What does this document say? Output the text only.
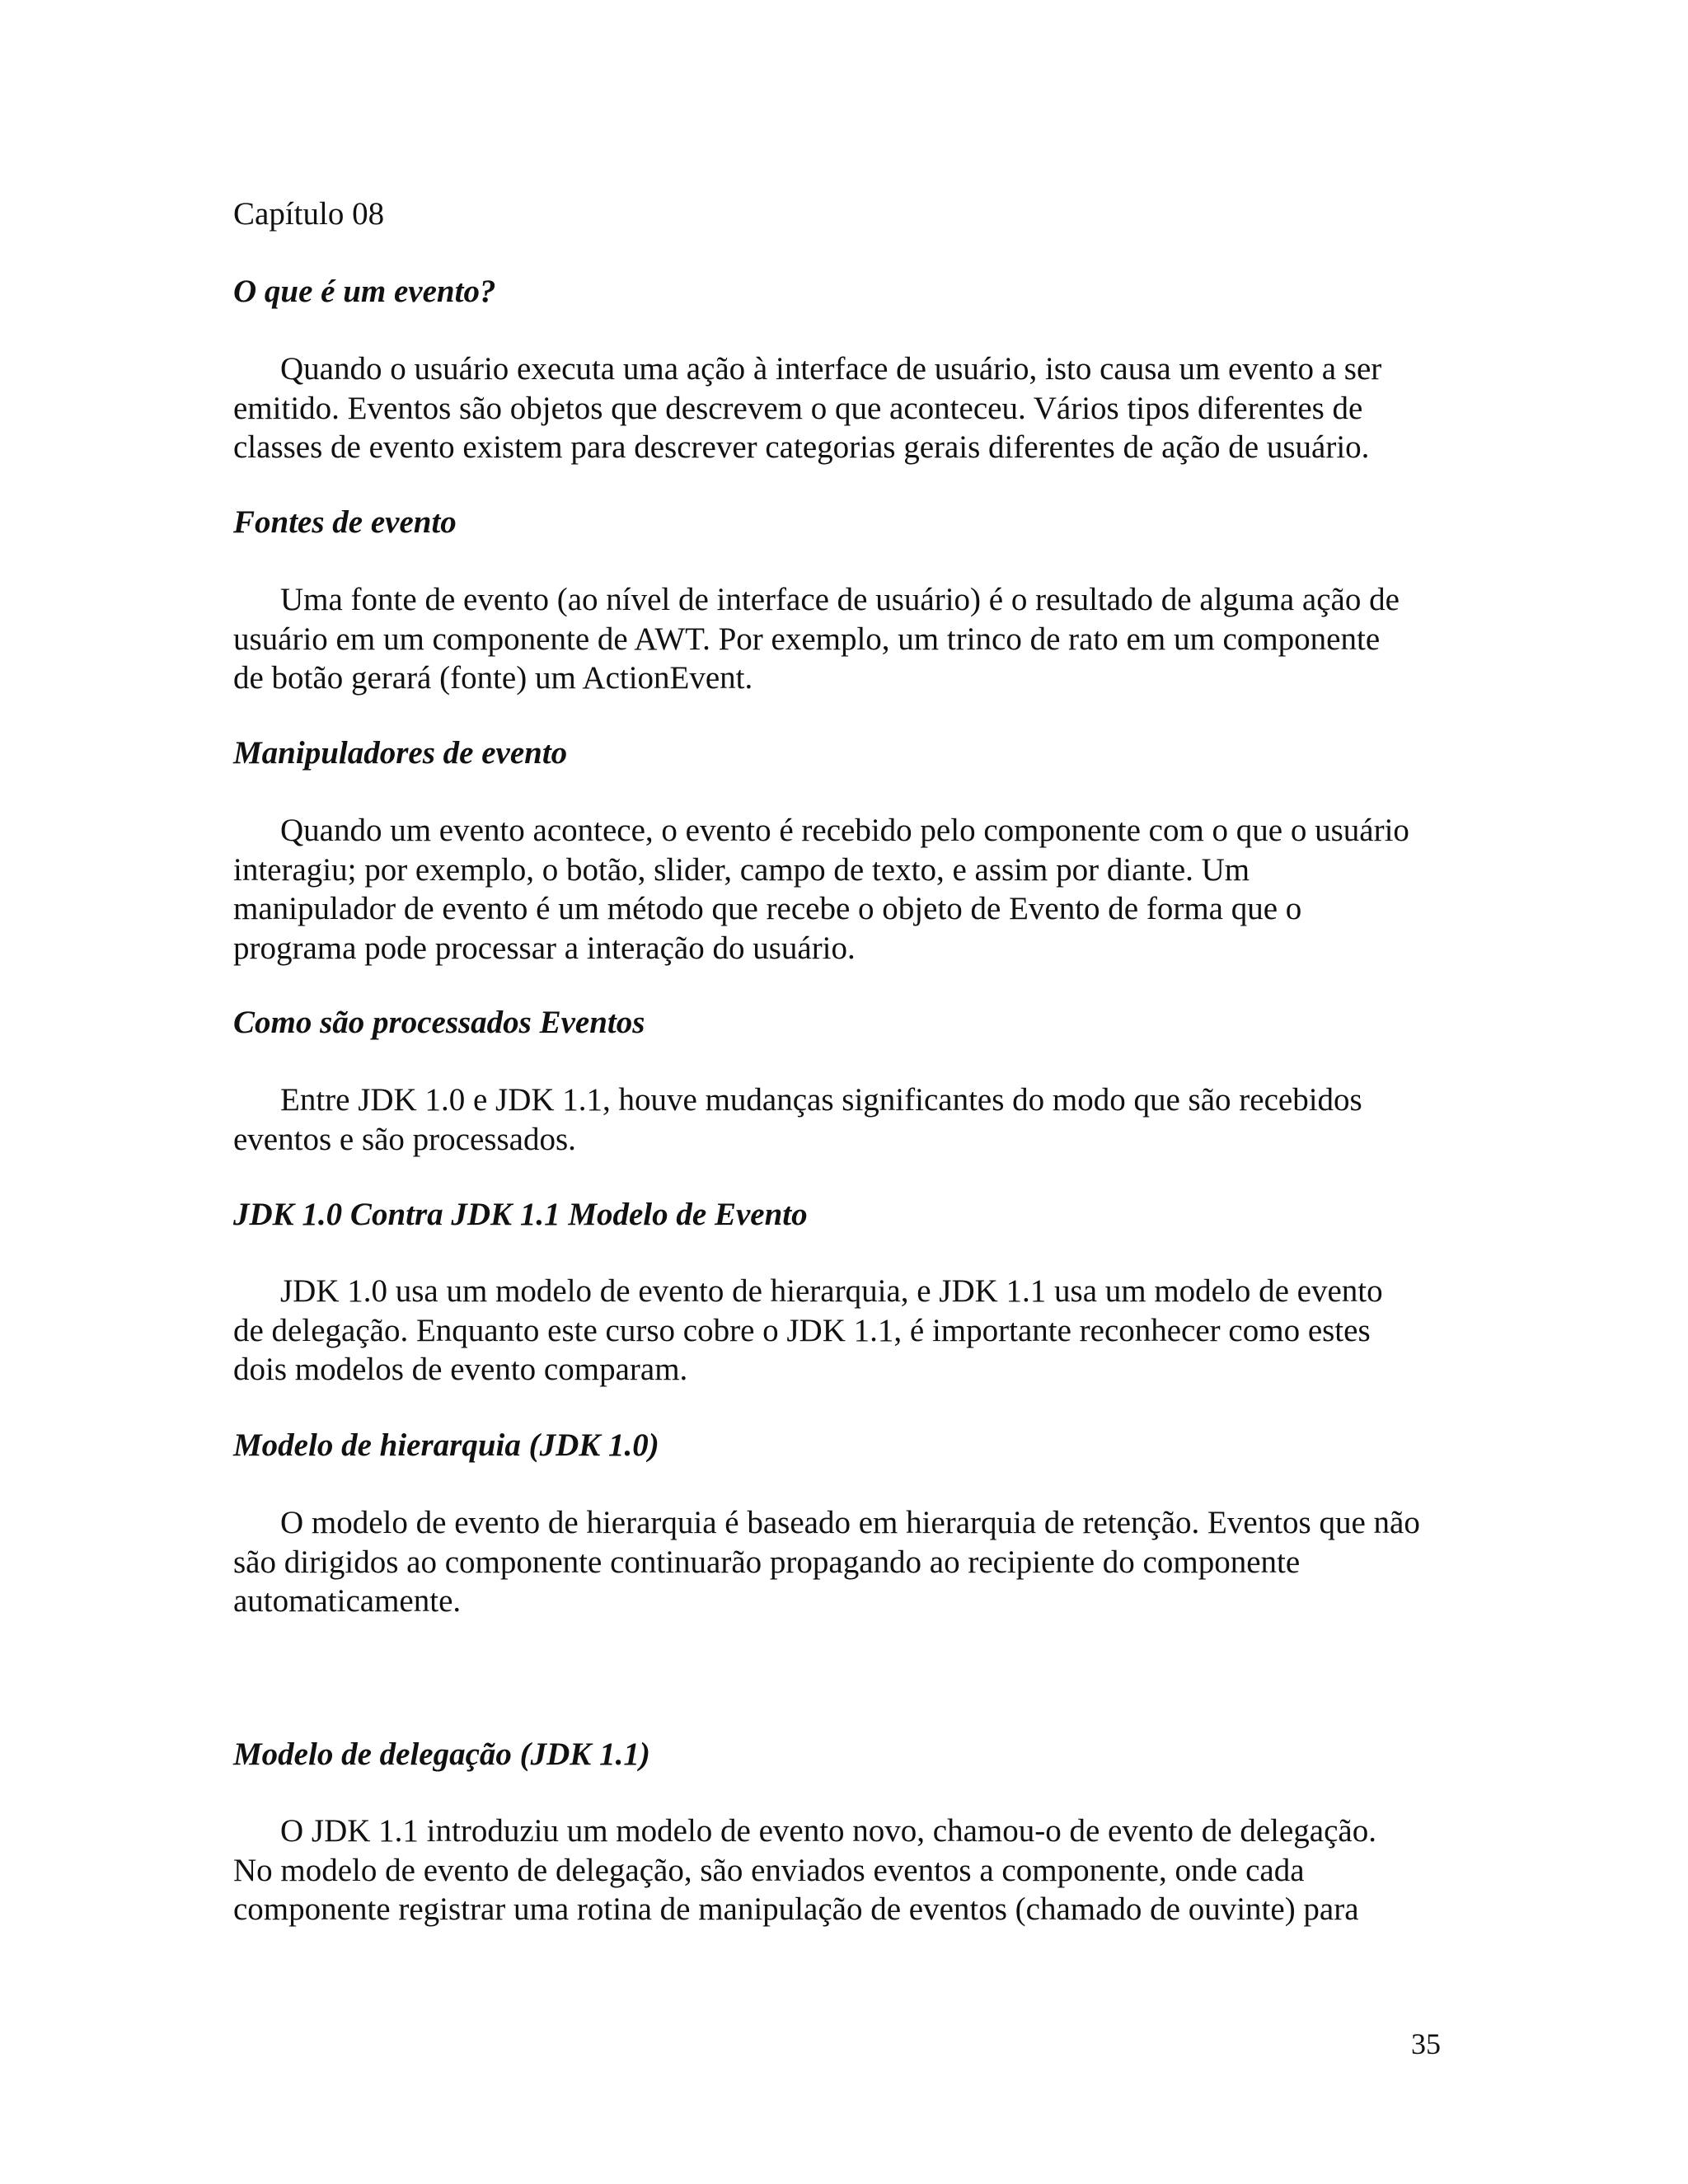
Capítulo 08
O que é um evento?
Quando o usuário executa uma ação à interface de usuário, isto causa um evento a ser
emitido. Eventos são objetos que descrevem o que aconteceu. Vários tipos diferentes de
classes de evento existem para descrever categorias gerais diferentes de ação de usuário.
Fontes de evento
Uma fonte de evento (ao nível de interface de usuário) é o resultado de alguma ação de
usuário em um componente de AWT. Por exemplo, um trinco de rato em um componente
de botão gerará (fonte) um ActionEvent.
Manipuladores de evento
Quando um evento acontece, o evento é recebido pelo componente com o que o usuário
interagiu; por exemplo, o botão, slider, campo de texto, e assim por diante. Um
manipulador de evento é um método que recebe o objeto de Evento de forma que o
programa pode processar a interação do usuário.
Como são processados Eventos
Entre JDK 1.0 e JDK 1.1, houve mudanças significantes do modo que são recebidos
eventos e são processados.
JDK 1.0 Contra JDK 1.1 Modelo de Evento
JDK 1.0 usa um modelo de evento de hierarquia, e JDK 1.1 usa um modelo de evento
de delegação. Enquanto este curso cobre o JDK 1.1, é importante reconhecer como estes
dois modelos de evento comparam.
Modelo de hierarquia (JDK 1.0)
O modelo de evento de hierarquia é baseado em hierarquia de retenção. Eventos que não
são dirigidos ao componente continuarão propagando ao recipiente do componente
automaticamente.
Modelo de delegação (JDK 1.1)
O JDK 1.1 introduziu um modelo de evento novo, chamou-o de evento de delegação.
No modelo de evento de delegação, são enviados eventos a componente, onde cada
componente registrar uma rotina de manipulação de eventos (chamado de ouvinte) para
35
